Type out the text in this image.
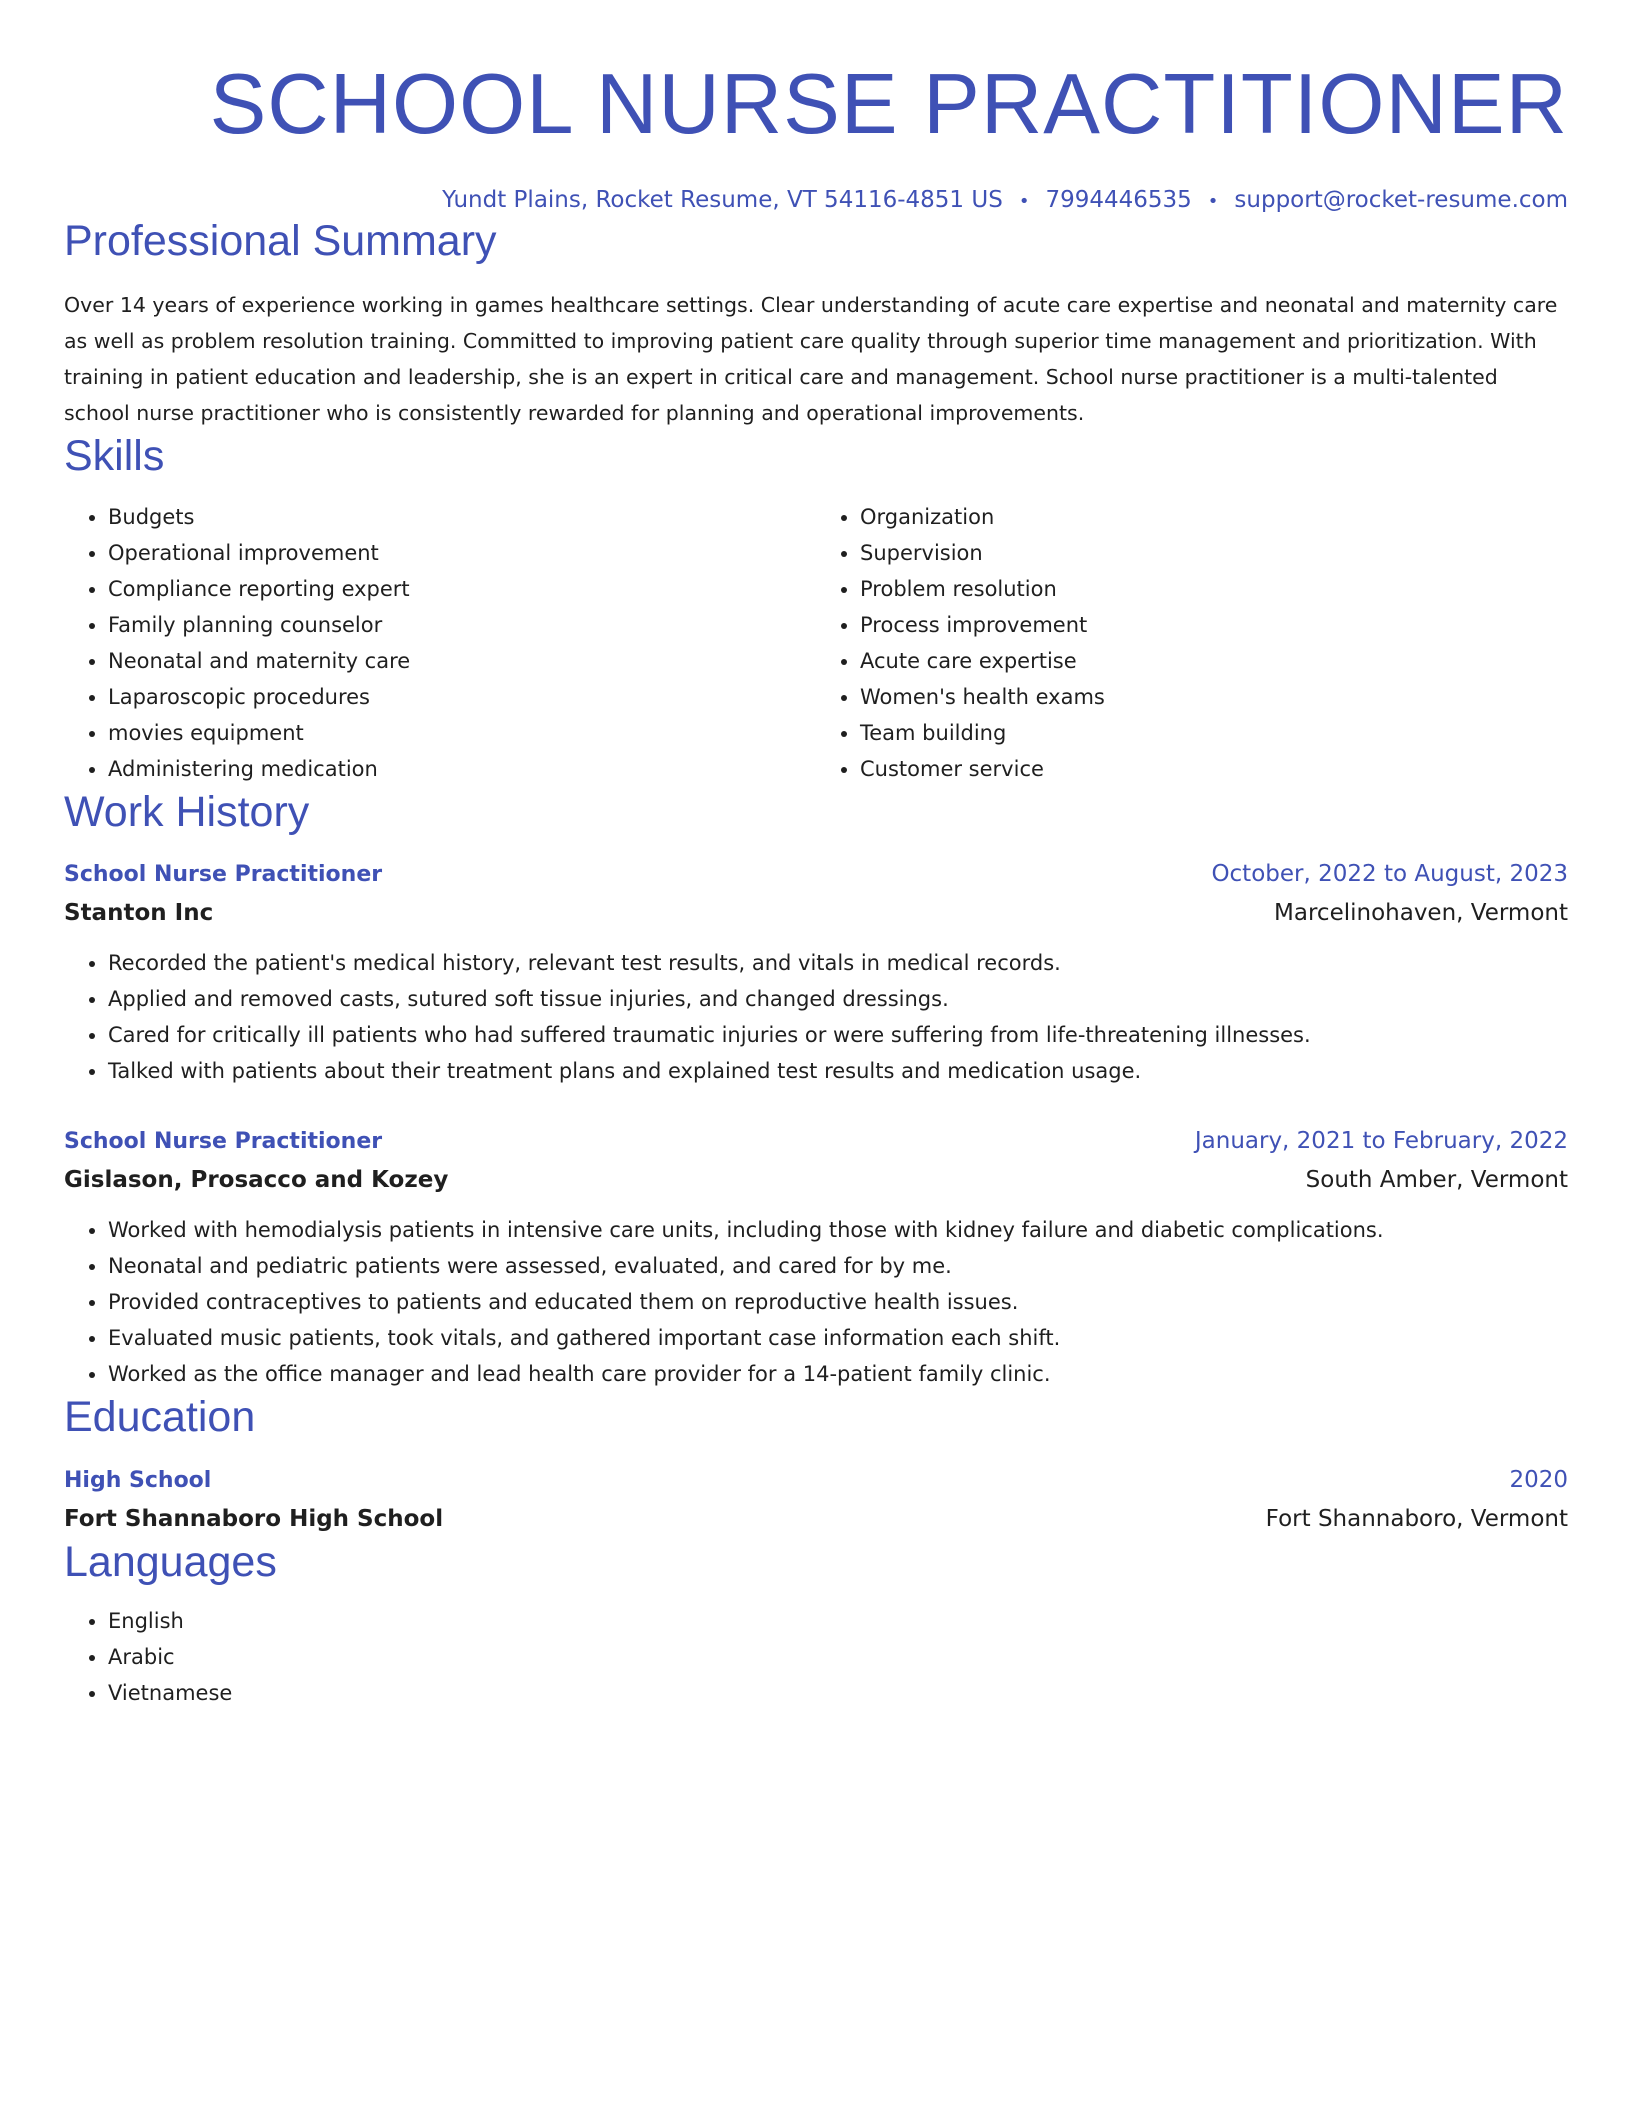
SCHOOL NURSE PRACTITIONER
Yundt Plains, Rocket Resume, VT 54116-4851 US • 7994446535 • support@rocket-resume.com
Professional Summary
Over 14 years of experience working in games healthcare settings. Clear understanding of acute care expertise and neonatal and maternity care as well as problem resolution training. Committed to improving patient care quality through superior time management and prioritization. With training in patient education and leadership, she is an expert in critical care and management. School nurse practitioner is a multi-talented school nurse practitioner who is consistently rewarded for planning and operational improvements.
Skills
• Budgets
• Operational improvement
• Compliance reporting expert
• Family planning counselor
• Neonatal and maternity care
• Laparoscopic procedures
• movies equipment
• Administering medication
• Organization
• Supervision
• Problem resolution
• Process improvement
• Acute care expertise
• Women's health exams
• Team building
• Customer service
Work History
School Nurse Practitioner	October, 2022 to August, 2023
Stanton Inc	Marcelinohaven, Vermont
• Recorded the patient's medical history, relevant test results, and vitals in medical records.
• Applied and removed casts, sutured soft tissue injuries, and changed dressings.
• Cared for critically ill patients who had suffered traumatic injuries or were suffering from life-threatening illnesses.
• Talked with patients about their treatment plans and explained test results and medication usage.
School Nurse Practitioner	January, 2021 to February, 2022
Gislason, Prosacco and Kozey	South Amber, Vermont
• Worked with hemodialysis patients in intensive care units, including those with kidney failure and diabetic complications.
• Neonatal and pediatric patients were assessed, evaluated, and cared for by me.
• Provided contraceptives to patients and educated them on reproductive health issues.
• Evaluated music patients, took vitals, and gathered important case information each shift.
• Worked as the office manager and lead health care provider for a 14-patient family clinic.
Education
High School	2020
Fort Shannaboro High School	Fort Shannaboro, Vermont
Languages
• English
• Arabic
• Vietnamese
